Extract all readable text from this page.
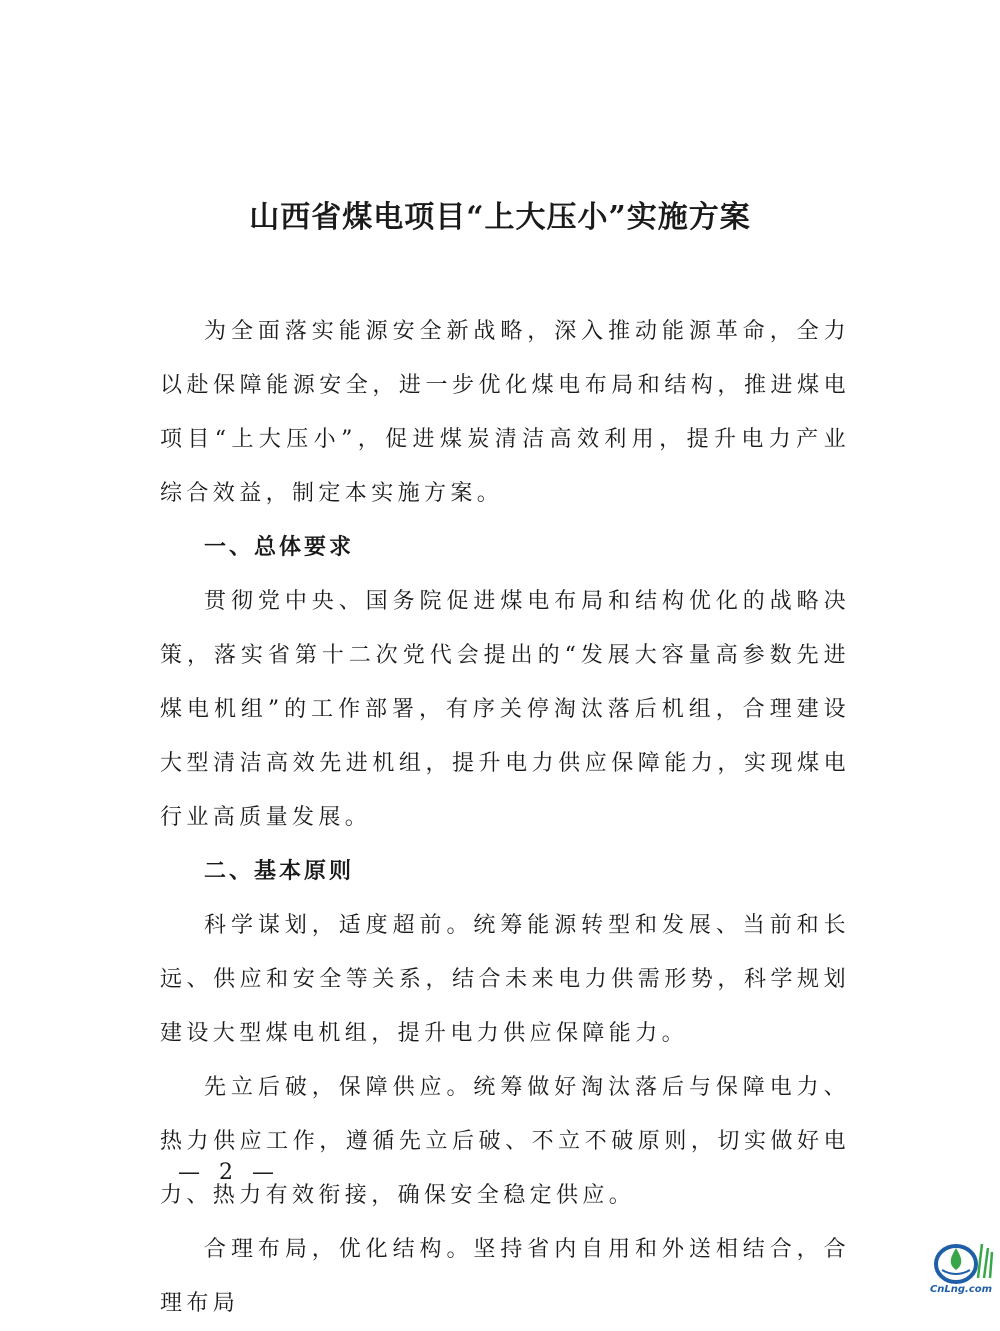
山西省煤电项目“上大压小”实施方案

为全面落实能源安全新战略，深入推动能源革命，全力以赴保障能源安全，进一步优化煤电布局和结构，推进煤电项目“上大压小”，促进煤炭清洁高效利用，提升电力产业综合效益，制定本实施方案。

一、总体要求

贯彻党中央、国务院促进煤电布局和结构优化的战略决策，落实省第十二次党代会提出的“发展大容量高参数先进煤电机组”的工作部署，有序关停淘汰落后机组，合理建设大型清洁高效先进机组，提升电力供应保障能力，实现煤电行业高质量发展。

二、基本原则

科学谋划，适度超前。统筹能源转型和发展、当前和长远、供应和安全等关系，结合未来电力供需形势，科学规划建设大型煤电机组，提升电力供应保障能力。

先立后破，保障供应。统筹做好淘汰落后与保障电力、热力供应工作，遵循先立后破、不立不破原则，切实做好电力、热力有效衔接，确保安全稳定供应。

合理布局，优化结构。坚持省内自用和外送相结合，合理布局

— 2 —
CnLng.com
